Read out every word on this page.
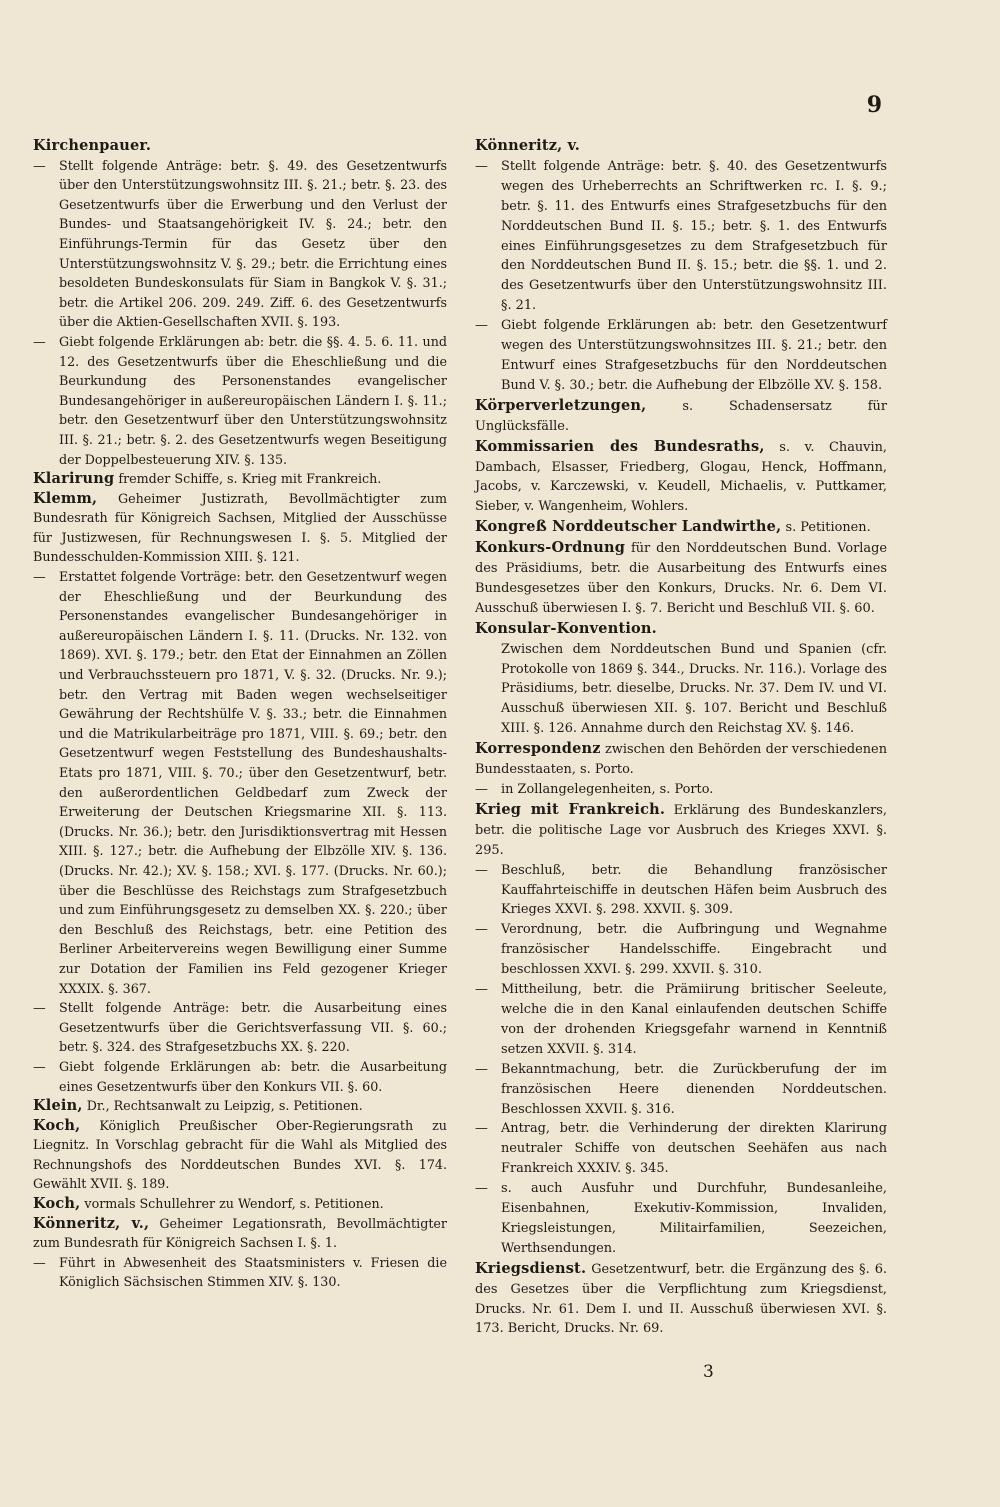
9

Kirchenpauer.

— Stellt folgende Anträge: betr. §. 49. des Gesetzentwurfs über den Unterstützungswohnsitz III. §. 21.; betr. §. 23. des Gesetzentwurfs über die Erwerbung und den Verlust der Bundes- und Staatsangehörigkeit IV. §. 24.; betr. den Einführungs-Termin für das Gesetz über den Unterstützungswohnsitz V. §. 29.; betr. die Errichtung eines besoldeten Bundeskonsulats für Siam in Bangkok V. §. 31.; betr. die Artikel 206. 209. 249. Ziff. 6. des Gesetzentwurfs über die Aktien-Gesellschaften XVII. §. 193.

— Giebt folgende Erklärungen ab: betr. die §§. 4. 5. 6. 11. und 12. des Gesetzentwurfs über die Eheschließung und die Beurkundung des Personenstandes evangelischer Bundesangehöriger in außereuropäischen Ländern I. §. 11.; betr. den Gesetzentwurf über den Unterstützungswohnsitz III. §. 21.; betr. §. 2. des Gesetzentwurfs wegen Beseitigung der Doppelbesteuerung XIV. §. 135.

Klarirung fremder Schiffe, s. Krieg mit Frankreich.

Klemm, Geheimer Justizrath, Bevollmächtigter zum Bundesrath für Königreich Sachsen, Mitglied der Ausschüsse für Justizwesen, für Rechnungswesen I. §. 5. Mitglied der Bundesschulden-Kommission XIII. §. 121.

— Erstattet folgende Vorträge: betr. den Gesetzentwurf wegen der Eheschließung und der Beurkundung des Personenstandes evangelischer Bundesangehöriger in außereuropäischen Ländern I. §. 11. (Drucks. Nr. 132. von 1869). XVI. §. 179.; betr. den Etat der Einnahmen an Zöllen und Verbrauchssteuern pro 1871, V. §. 32. (Drucks. Nr. 9.); betr. den Vertrag mit Baden wegen wechselseitiger Gewährung der Rechtshülfe V. §. 33.; betr. die Einnahmen und die Matrikularbeiträge pro 1871, VIII. §. 69.; betr. den Gesetzentwurf wegen Feststellung des Bundeshaushalts-Etats pro 1871, VIII. §. 70.; über den Gesetzentwurf, betr. den außerordentlichen Geldbedarf zum Zweck der Erweiterung der Deutschen Kriegsmarine XII. §. 113. (Drucks. Nr. 36.); betr. den Jurisdiktionsvertrag mit Hessen XIII. §. 127.; betr. die Aufhebung der Elbzölle XIV. §. 136. (Drucks. Nr. 42.); XV. §. 158.; XVI. §. 177. (Drucks. Nr. 60.); über die Beschlüsse des Reichstags zum Strafgesetzbuch und zum Einführungsgesetz zu demselben XX. §. 220.; über den Beschluß des Reichstags, betr. eine Petition des Berliner Arbeitervereins wegen Bewilligung einer Summe zur Dotation der Familien ins Feld gezogener Krieger XXXIX. §. 367.

— Stellt folgende Anträge: betr. die Ausarbeitung eines Gesetzentwurfs über die Gerichtsverfassung VII. §. 60.; betr. §. 324. des Strafgesetzbuchs XX. §. 220.

— Giebt folgende Erklärungen ab: betr. die Ausarbeitung eines Gesetzentwurfs über den Konkurs VII. §. 60.

Klein, Dr., Rechtsanwalt zu Leipzig, s. Petitionen.

Koch, Königlich Preußischer Ober-Regierungsrath zu Liegnitz. In Vorschlag gebracht für die Wahl als Mitglied des Rechnungshofs des Norddeutschen Bundes XVI. §. 174. Gewählt XVII. §. 189.

Koch, vormals Schullehrer zu Wendorf, s. Petitionen.

Könneritz, v., Geheimer Legationsrath, Bevollmächtigter zum Bundesrath für Königreich Sachsen I. §. 1.

— Führt in Abwesenheit des Staatsministers v. Friesen die Königlich Sächsischen Stimmen XIV. §. 130.

Könneritz, v.

— Stellt folgende Anträge: betr. §. 40. des Gesetzentwurfs wegen des Urheberrechts an Schriftwerken rc. I. §. 9.; betr. §. 11. des Entwurfs eines Strafgesetzbuchs für den Norddeutschen Bund II. §. 15.; betr. §. 1. des Entwurfs eines Einführungsgesetzes zu dem Strafgesetzbuch für den Norddeutschen Bund II. §. 15.; betr. die §§. 1. und 2. des Gesetzentwurfs über den Unterstützungswohnsitz III. §. 21.

— Giebt folgende Erklärungen ab: betr. den Gesetzentwurf wegen des Unterstützungswohnsitzes III. §. 21.; betr. den Entwurf eines Strafgesetzbuchs für den Norddeutschen Bund V. §. 30.; betr. die Aufhebung der Elbzölle XV. §. 158.

Körperverletzungen,	s. Schadensersatz für Unglücksfälle.

Kommissarien des Bundesraths, s. v. Chauvin, Dambach, Elsasser, Friedberg, Glogau, Henck, Hoffmann, Jacobs, v. Karczewski, v. Keudell, Michaelis, v. Puttkamer, Sieber, v. Wangenheim, Wohlers.

Kongreß Norddeutscher Landwirthe, s. Petitionen.

Konkurs-Ordnung für den Norddeutschen Bund. Vorlage des Präsidiums, betr. die Ausarbeitung des Entwurfs eines Bundesgesetzes über den Konkurs, Drucks. Nr. 6. Dem VI. Ausschuß überwiesen I. §. 7. Bericht und Beschluß VII. §. 60.

Konsular-Konvention.

Zwischen dem Norddeutschen Bund und Spanien (cfr. Protokolle von 1869 §. 344., Drucks. Nr. 116.). Vorlage des Präsidiums, betr. dieselbe, Drucks. Nr. 37. Dem IV. und VI. Ausschuß überwiesen XII. §. 107. Bericht und Beschluß XIII. §. 126. Annahme durch den Reichstag XV. §. 146.

Korrespondenz zwischen den Behörden der verschiedenen Bundesstaaten, s. Porto.

— in Zollangelegenheiten, s. Porto.

Krieg mit Frankreich. Erklärung des Bundeskanzlers, betr. die politische Lage vor Ausbruch des Krieges XXVI. §. 295.

— Beschluß, betr. die Behandlung französischer Kauffahrteischiffe in deutschen Häfen beim Ausbruch des Krieges XXVI. §. 298. XXVII. §. 309.

— Verordnung, betr. die Aufbringung und Wegnahme französischer Handelsschiffe. Eingebracht und beschlossen XXVI. §. 299. XXVII. §. 310.

— Mittheilung, betr. die Prämiirung britischer Seeleute, welche die in den Kanal einlaufenden deutschen Schiffe von der drohenden Kriegsgefahr warnend in Kenntniß setzen XXVII. §. 314.

— Bekanntmachung, betr. die Zurückberufung der im französischen Heere dienenden Norddeutschen. Beschlossen XXVII. §. 316.

— Antrag, betr. die Verhinderung der direkten Klarirung neutraler Schiffe von deutschen Seehäfen aus nach Frankreich XXXIV. §. 345.

— s. auch Ausfuhr und Durchfuhr, Bundesanleihe, Eisenbahnen, Exekutiv-Kommission, Invaliden, Kriegsleistungen, Militairfamilien, Seezeichen, Werthsendungen.

Kriegsdienst. Gesetzentwurf, betr. die Ergänzung des §. 6. des Gesetzes über die Verpflichtung zum Kriegsdienst, Drucks. Nr. 61. Dem I. und II. Ausschuß überwiesen XVI. §. 173. Bericht, Drucks. Nr. 69.

3
